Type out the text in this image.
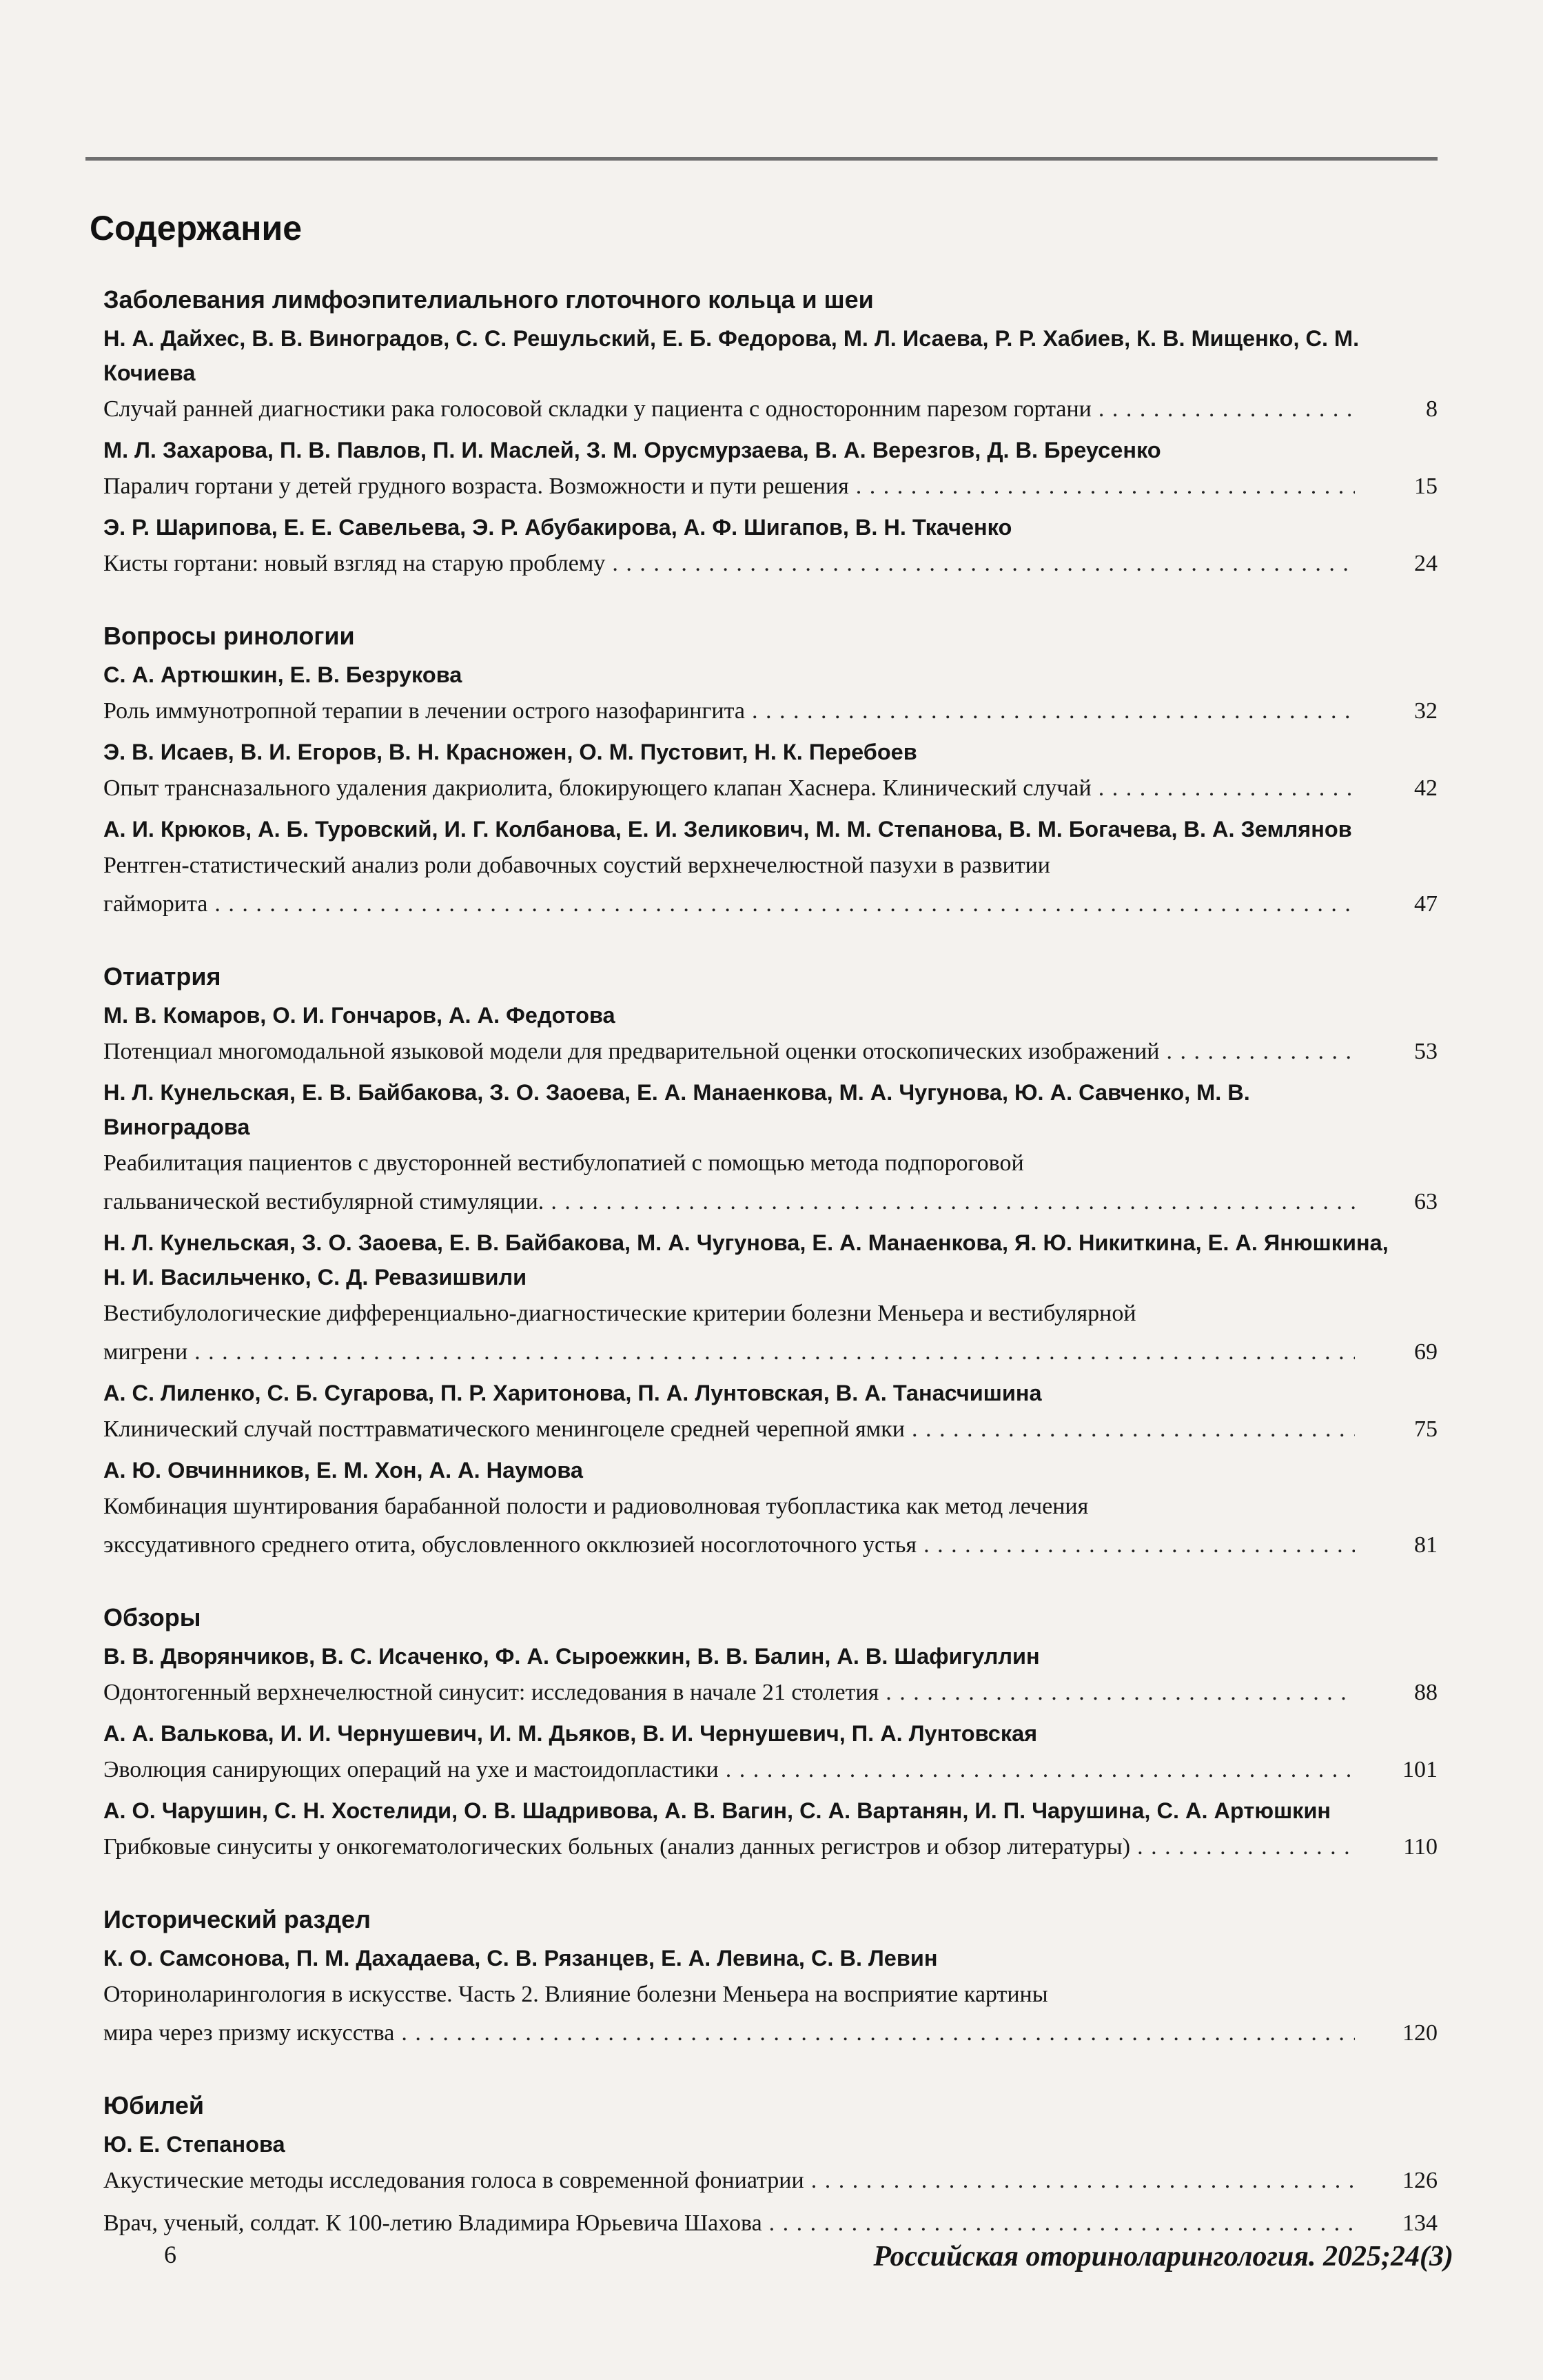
Содержание
Заболевания лимфоэпителиального глоточного кольца и шеи

Н. А. Дайхес, В. В. Виноградов, С. С. Решульский, Е. Б. Федорова, М. Л. Исаева, Р. Р. Хабиев, К. В. Мищенко, С. М. Кочиева

Случай ранней диагностики рака голосовой складки у пациента с односторонним парезом гортани . . .	8

М. Л. Захарова, П. В. Павлов, П. И. Маслей, З. М. Орусмурзаева, В. А. Верезгов, Д. В. Бреусенко

Паралич гортани у детей грудного возраста. Возможности и пути решения . . .	15

Э. Р. Шарипова, Е. Е. Савельева, Э. Р. Абубакирова, А. Ф. Шигапов, В. Н. Ткаченко

Кисты гортани: новый взгляд на старую проблему . . .	24
Вопросы ринологии

С. А. Артюшкин, Е. В. Безрукова

Роль иммунотропной терапии в лечении острого назофарингита . . .	32

Э. В. Исаев, В. И. Егоров, В. Н. Красножен, О. М. Пустовит, Н. К. Перебоев

Опыт трансназального удаления дакриолита, блокирующего клапан Хаснера. Клинический случай . . .	42

А. И. Крюков, А. Б. Туровский, И. Г. Колбанова, Е. И. Зеликович, М. М. Степанова, В. М. Богачева, В. А. Землянов

Рентген-статистический анализ роли добавочных соустий верхнечелюстной пазухи в развитии
гайморита . . .	47
Отиатрия

М. В. Комаров, О. И. Гончаров, А. А. Федотова

Потенциал многомодальной языковой модели для предварительной оценки отоскопических изображений . . .	53

Н. Л. Кунельская, Е. В. Байбакова, З. О. Заоева, Е. А. Манаенкова, М. А. Чугунова, Ю. А. Савченко, М. В. Виноградова

Реабилитация пациентов с двусторонней вестибулопатией с помощью метода подпороговой
гальванической вестибулярной стимуляции. . . .	63

Н. Л. Кунельская, З. О. Заоева, Е. В. Байбакова, М. А. Чугунова, Е. А. Манаенкова, Я. Ю. Никиткина, Е. А. Янюшкина, Н. И. Васильченко, С. Д. Ревазишвили

Вестибулологические дифференциально-диагностические критерии болезни Меньера и вестибулярной
мигрени . . .	69

А. С. Лиленко, С. Б. Сугарова, П. Р. Харитонова, П. А. Лунтовская, В. А. Танасчишина

Клинический случай посттравматического менингоцеле средней черепной ямки . . .	75

А. Ю. Овчинников, Е. М. Хон, А. А. Наумова

Комбинация шунтирования барабанной полости и радиоволновая тубопластика как метод лечения
экссудативного среднего отита, обусловленного окклюзией носоглоточного устья . . .	81
Обзоры

В. В. Дворянчиков, В. С. Исаченко, Ф. А. Сыроежкин, В. В. Балин, А. В. Шафигуллин

Одонтогенный верхнечелюстной синусит: исследования в начале 21 столетия . . .	88

А. А. Валькова, И. И. Чернушевич, И. М. Дьяков, В. И. Чернушевич, П. А. Лунтовская

Эволюция санирующих операций на ухе и мастоидопластики . . .	101

А. О. Чарушин, С. Н. Хостелиди, О. В. Шадривова, А. В. Вагин, С. А. Вартанян, И. П. Чарушина, С. А. Артюшкин

Грибковые синуситы у онкогематологических больных (анализ данных регистров и обзор литературы) . . .	110
Исторический раздел

К. О. Самсонова, П. М. Дахадаева, С. В. Рязанцев, Е. А. Левина, С. В. Левин

Оториноларингология в искусстве. Часть 2. Влияние болезни Меньера на восприятие картины
мира через призму искусства . . .	120
Юбилей

Ю. Е. Степанова

Акустические методы исследования голоса в современной фониатрии . . .	126
Врач, ученый, солдат. К 100-летию Владимира Юрьевича Шахова . . .	134
6	Российская оториноларингология. 2025;24(3)
